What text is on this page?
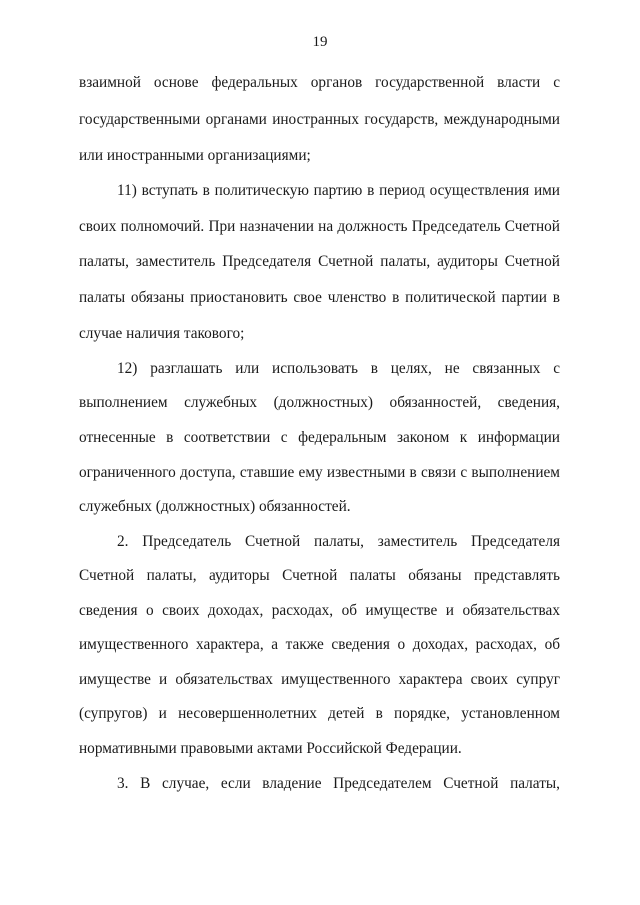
19
взаимной основе федеральных органов государственной власти с
государственными органами иностранных государств, международными
или иностранными организациями;
11) вступать в политическую партию в период осуществления ими
своих полномочий. При назначении на должность Председатель Счетной
палаты, заместитель Председателя Счетной палаты, аудиторы Счетной
палаты обязаны приостановить свое членство в политической партии в
случае наличия такового;
12) разглашать или использовать в целях, не связанных с
выполнением служебных (должностных) обязанностей, сведения,
отнесенные в соответствии с федеральным законом к информации
ограниченного доступа, ставшие ему известными в связи с выполнением
служебных (должностных) обязанностей.
2. Председатель Счетной палаты, заместитель Председателя
Счетной палаты, аудиторы Счетной палаты обязаны представлять
сведения о своих доходах, расходах, об имуществе и обязательствах
имущественного характера, а также сведения о доходах, расходах, об
имуществе и обязательствах имущественного характера своих супруг
(супругов) и несовершеннолетних детей в порядке, установленном
нормативными правовыми актами Российской Федерации.
3. В случае, если владение Председателем Счетной палаты,
